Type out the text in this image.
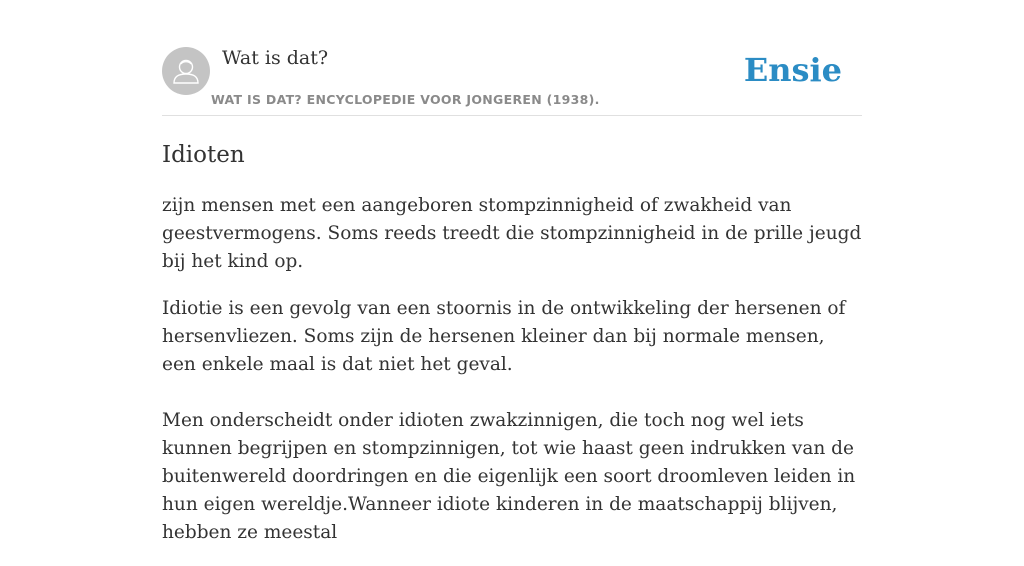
Wat is dat?
WAT IS DAT? ENCYCLOPEDIE VOOR JONGEREN (1938).
Ensie
Idioten

zijn mensen met een aangeboren stompzinnigheid of zwakheid van geestvermogens. Soms reeds treedt die stompzinnigheid in de prille jeugd bij het kind op.

Idiotie is een gevolg van een stoornis in de ontwikkeling der hersenen of hersenvliezen. Soms zijn de hersenen kleiner dan bij normale mensen, een enkele maal is dat niet het geval.

Men onderscheidt onder idioten zwakzinnigen, die toch nog wel iets kunnen begrijpen en stompzinnigen, tot wie haast geen indrukken van de buitenwereld doordringen en die eigenlijk een soort droomleven leiden in hun eigen wereldje.Wanneer idiote kinderen in de maatschappij blijven, hebben ze meestal
